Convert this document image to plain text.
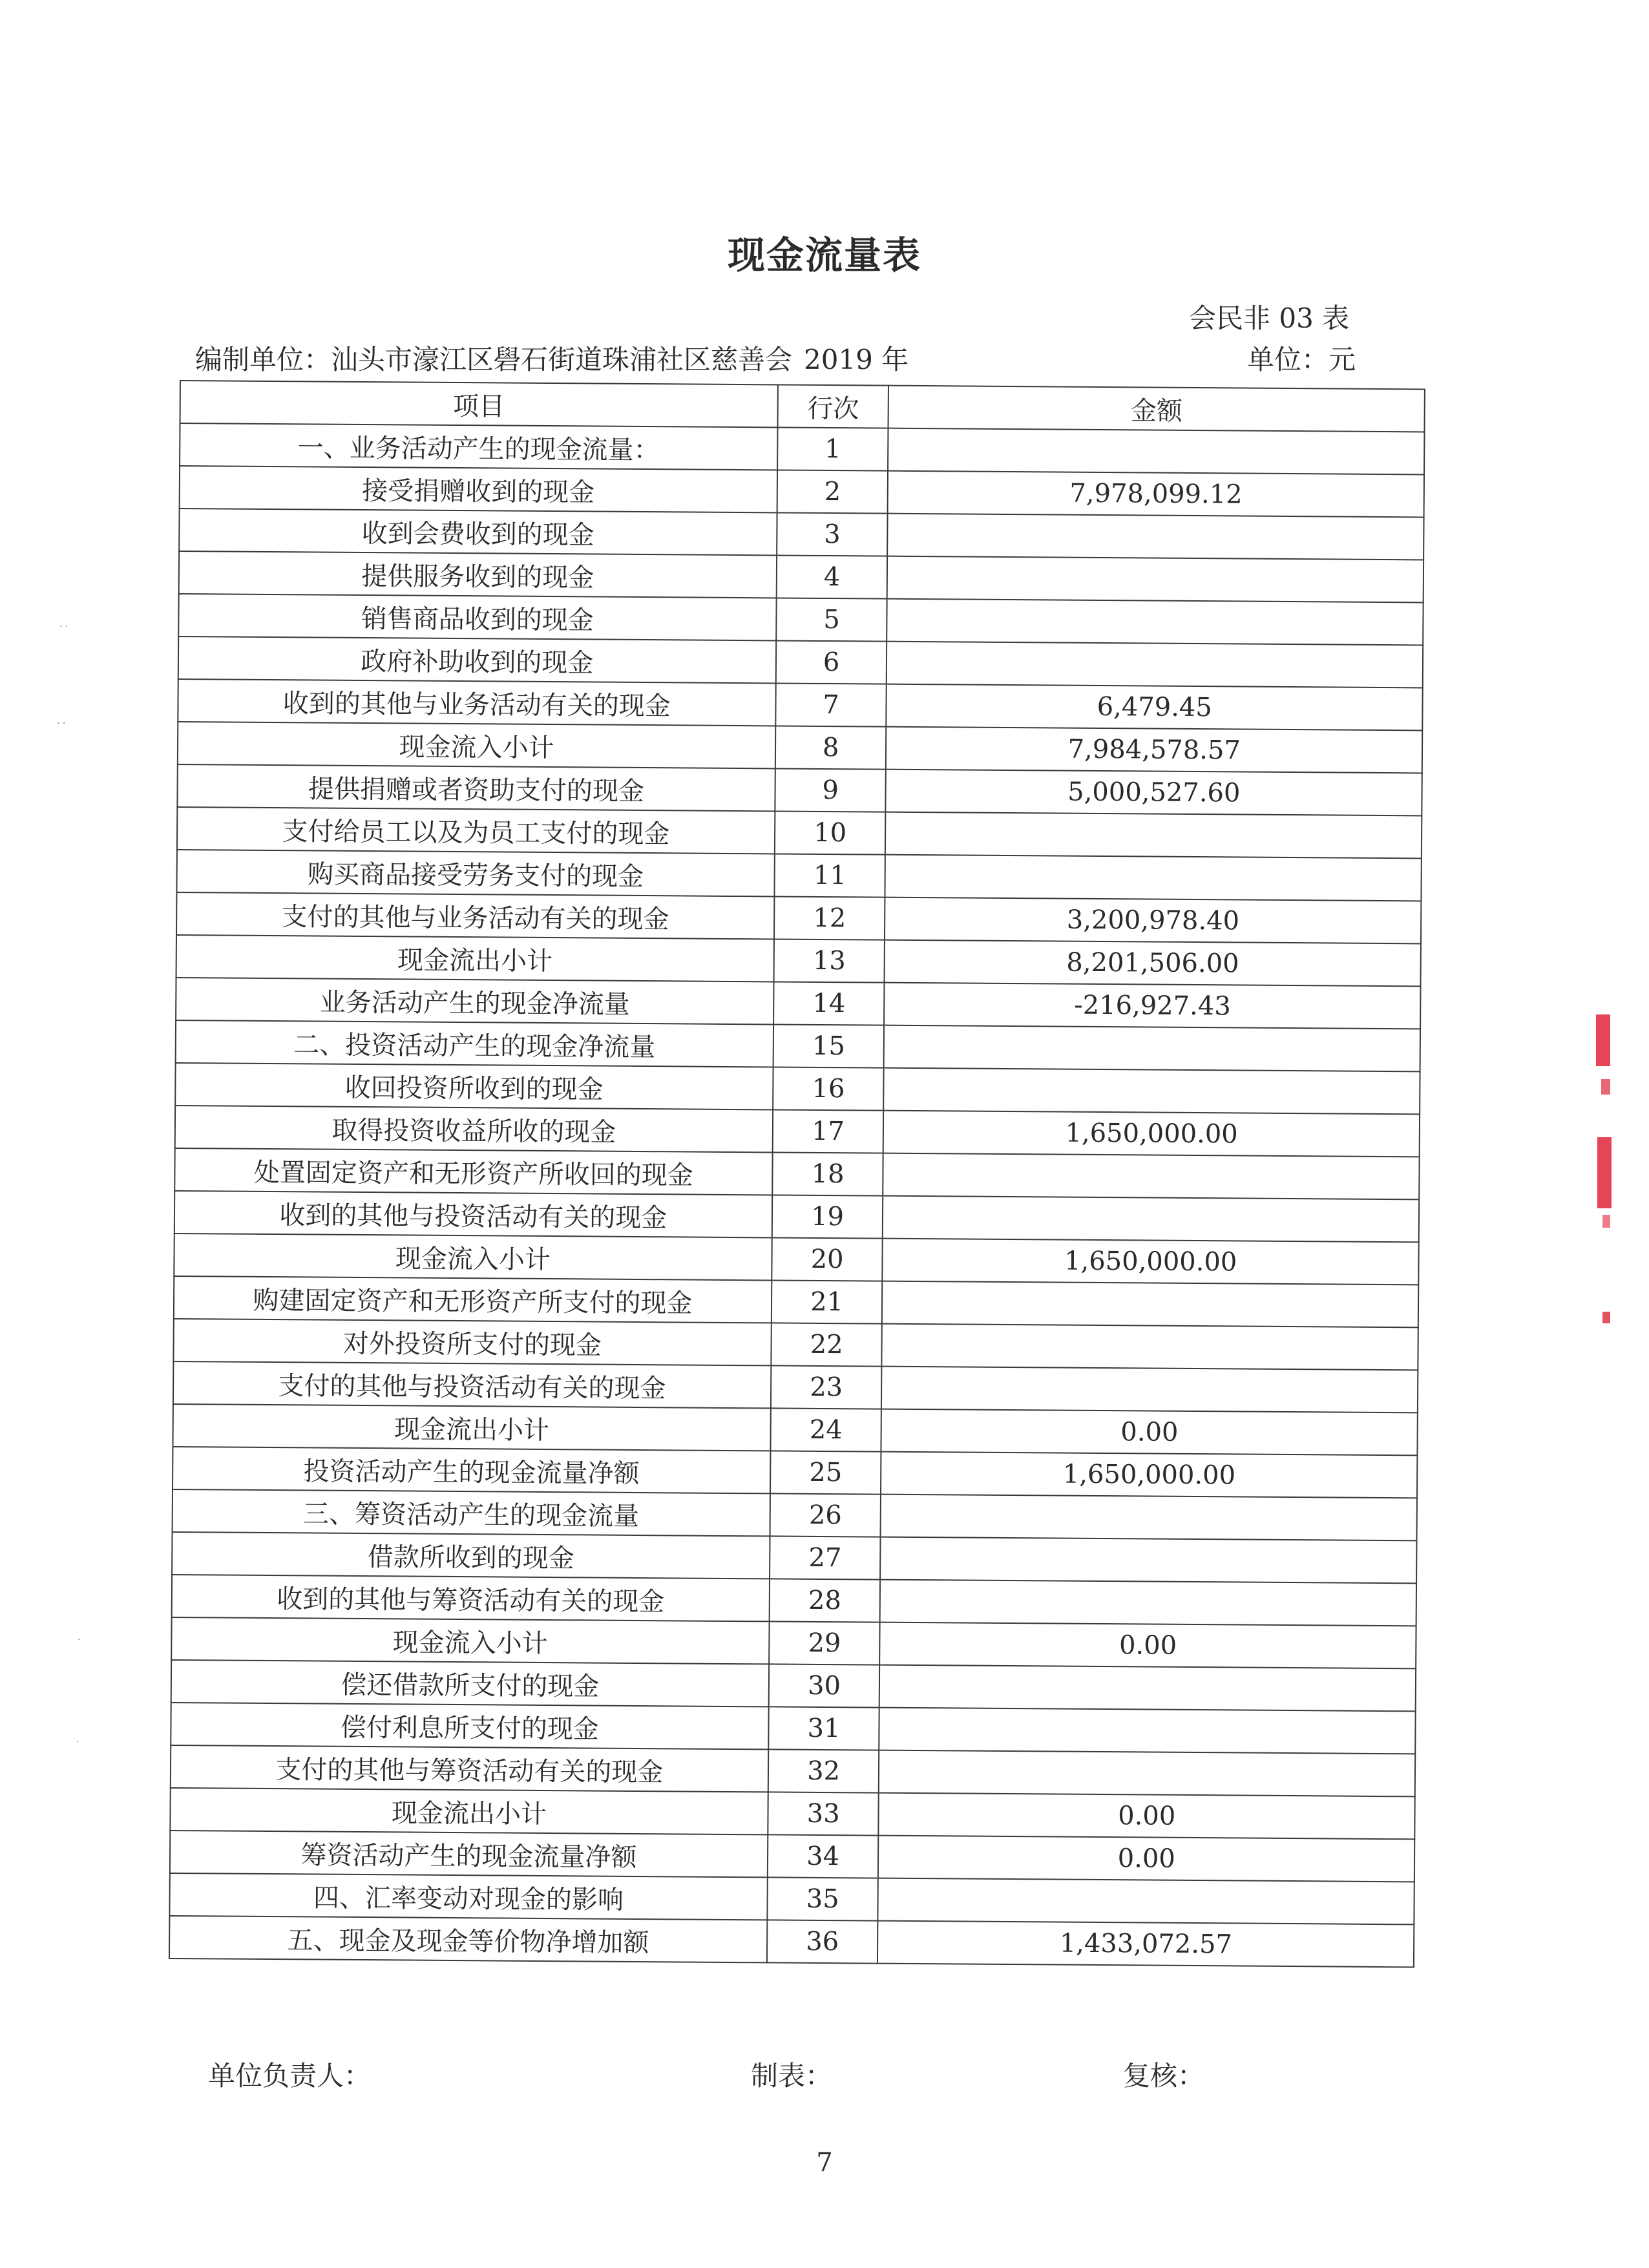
现金流量表
会民非 03 表
编制单位：汕头市濠江区礐石街道珠浦社区慈善会 2019 年	单位：元
项目	行次	金额
一、业务活动产生的现金流量：	1	
接受捐赠收到的现金	2	7,978,099.12
收到会费收到的现金	3	
提供服务收到的现金	4	
销售商品收到的现金	5	
政府补助收到的现金	6	
收到的其他与业务活动有关的现金	7	6,479.45
现金流入小计	8	7,984,578.57
提供捐赠或者资助支付的现金	9	5,000,527.60
支付给员工以及为员工支付的现金	10	
购买商品接受劳务支付的现金	11	
支付的其他与业务活动有关的现金	12	3,200,978.40
现金流出小计	13	8,201,506.00
业务活动产生的现金净流量	14	-216,927.43
二、投资活动产生的现金净流量	15	
收回投资所收到的现金	16	
取得投资收益所收的现金	17	1,650,000.00
处置固定资产和无形资产所收回的现金	18	
收到的其他与投资活动有关的现金	19	
现金流入小计	20	1,650,000.00
购建固定资产和无形资产所支付的现金	21	
对外投资所支付的现金	22	
支付的其他与投资活动有关的现金	23	
现金流出小计	24	0.00
投资活动产生的现金流量净额	25	1,650,000.00
三、筹资活动产生的现金流量	26	
借款所收到的现金	27	
收到的其他与筹资活动有关的现金	28	
现金流入小计	29	0.00
偿还借款所支付的现金	30	
偿付利息所支付的现金	31	
支付的其他与筹资活动有关的现金	32	
现金流出小计	33	0.00
筹资活动产生的现金流量净额	34	0.00
四、汇率变动对现金的影响	35	
五、现金及现金等价物净增加额	36	1,433,072.57
单位负责人：	制表：	复核：
7
· ·
· ·
·
·
